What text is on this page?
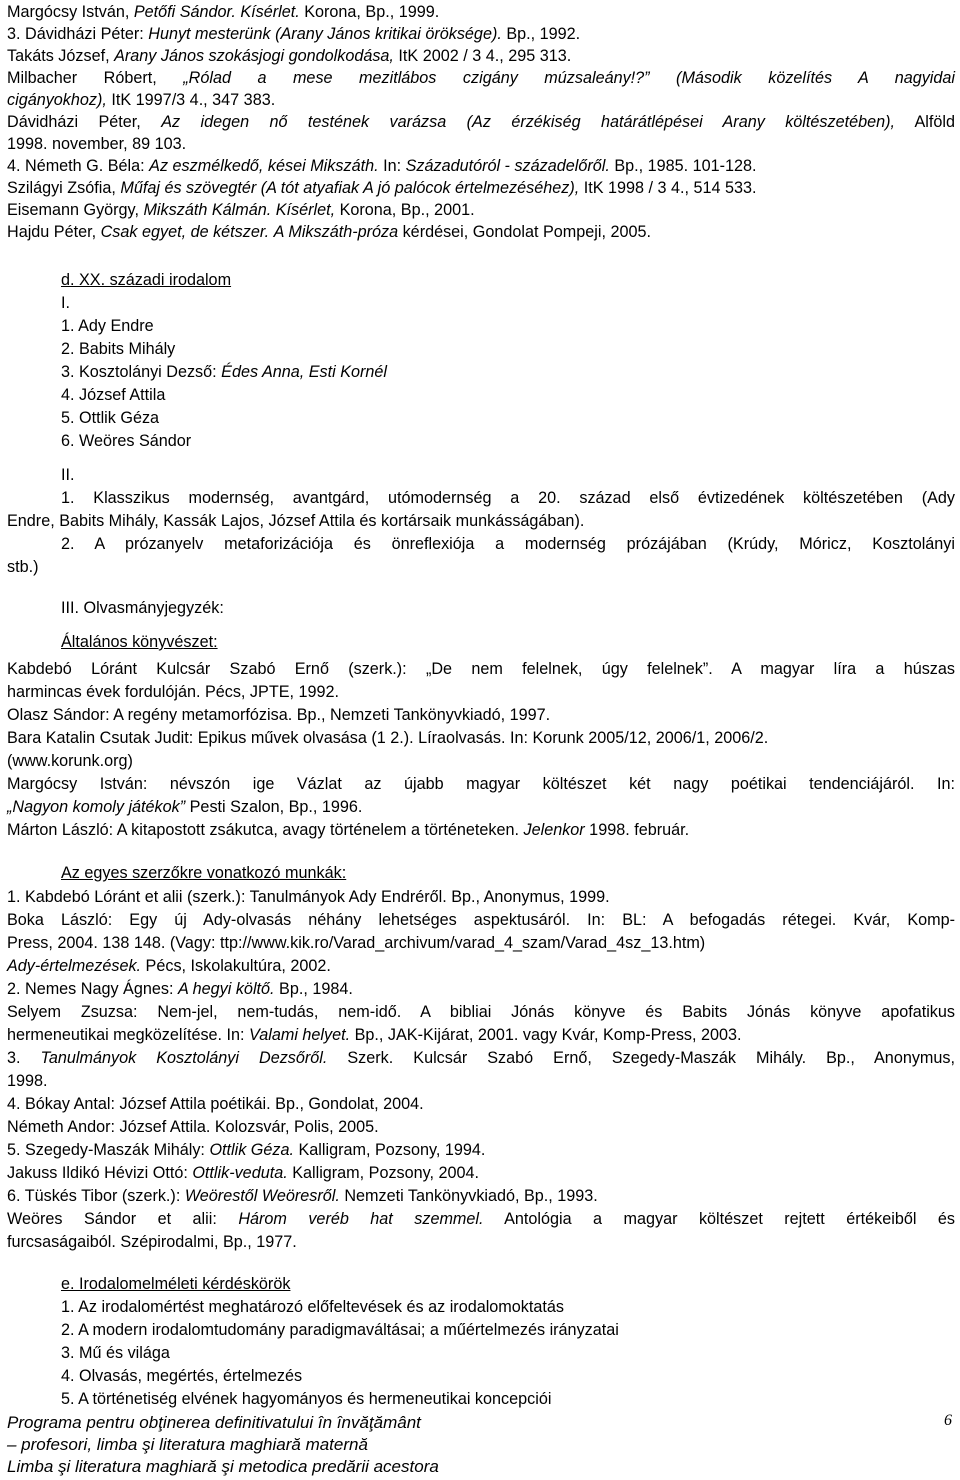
Margócsy István, Petőfi Sándor. Kísérlet. Korona, Bp., 1999.
3. Dávidházi Péter: Hunyt mesterünk (Arany János kritikai öröksége). Bp., 1992.
Takáts József, Arany János szokásjogi gondolkodása, ItK 2002 / 3 4., 295 313.
Milbacher Róbert, „Rólad a mese mezitlábos czigány múzsaleány!?” (Második közelítés A nagyidai
cigányokhoz), ItK 1997/3 4., 347 383.
Dávidházi Péter, Az idegen nő testének varázsa (Az érzékiség határátlépései Arany költészetében), Alföld
1998. november, 89 103.
4. Németh G. Béla: Az eszmélkedő, kései Mikszáth. In: Századutóról - századelőről. Bp., 1985. 101-128.
Szilágyi Zsófia, Műfaj és szövegtér (A tót atyafiak A jó palócok értelmezéséhez), ItK 1998 / 3 4., 514 533.
Eisemann György, Mikszáth Kálmán. Kísérlet, Korona, Bp., 2001.
Hajdu Péter, Csak egyet, de kétszer. A Mikszáth-próza kérdései, Gondolat Pompeji, 2005.
d. XX. századi irodalom
I.
1. Ady Endre
2. Babits Mihály
3. Kosztolányi Dezső: Édes Anna, Esti Kornél
4. József Attila
5. Ottlik Géza
6. Weöres Sándor
II.
1. Klasszikus modernség, avantgárd, utómodernség a 20. század első évtizedének költészetében (Ady
Endre, Babits Mihály, Kassák Lajos, József Attila és kortársaik munkásságában).
2. A prózanyelv metaforizációja és önreflexiója a modernség prózájában (Krúdy, Móricz, Kosztolányi
stb.)
III. Olvasmányjegyzék:
Általános könyvészet:
Kabdebó Lóránt Kulcsár Szabó Ernő (szerk.): „De nem felelnek, úgy felelnek”. A magyar líra a húszas
harmincas évek fordulóján. Pécs, JPTE, 1992.
Olasz Sándor: A regény metamorfózisa. Bp., Nemzeti Tankönyvkiadó, 1997.
Bara Katalin Csutak Judit: Epikus művek olvasása (1 2.). Líraolvasás. In: Korunk 2005/12, 2006/1, 2006/2.
(www.korunk.org)
Margócsy István: névszón ige Vázlat az újabb magyar költészet két nagy poétikai tendenciájáról. In:
„Nagyon komoly játékok” Pesti Szalon, Bp., 1996.
Márton László: A kitapostott zsákutca, avagy történelem a történeteken. Jelenkor 1998. február.
Az egyes szerzőkre vonatkozó munkák:
1. Kabdebó Lóránt et alii (szerk.): Tanulmányok Ady Endréről. Bp., Anonymus, 1999.
Boka László: Egy új Ady-olvasás néhány lehetséges aspektusáról. In: BL: A befogadás rétegei. Kvár, Komp-
Press, 2004. 138 148. (Vagy: ttp://www.kik.ro/Varad_archivum/varad_4_szam/Varad_4sz_13.htm)
Ady-értelmezések. Pécs, Iskolakultúra, 2002.
2. Nemes Nagy Ágnes: A hegyi költő. Bp., 1984.
Selyem Zsuzsa: Nem-jel, nem-tudás, nem-idő. A bibliai Jónás könyve és Babits Jónás könyve apofatikus
hermeneutikai megközelítése. In: Valami helyet. Bp., JAK-Kijárat, 2001. vagy Kvár, Komp-Press, 2003.
3. Tanulmányok Kosztolányi Dezsőről. Szerk. Kulcsár Szabó Ernő, Szegedy-Maszák Mihály. Bp., Anonymus,
1998.
4. Bókay Antal: József Attila poétikái. Bp., Gondolat, 2004.
Németh Andor: József Attila. Kolozsvár, Polis, 2005.
5. Szegedy-Maszák Mihály: Ottlik Géza. Kalligram, Pozsony, 1994.
Jakuss Ildikó Hévizi Ottó: Ottlik-veduta. Kalligram, Pozsony, 2004.
6. Tüskés Tibor (szerk.): Weörestől Weöresről. Nemzeti Tankönyvkiadó, Bp., 1993.
Weöres Sándor et alii: Három veréb hat szemmel. Antológia a magyar költészet rejtett értékeiből és
furcsaságaiból. Szépirodalmi, Bp., 1977.
e. Irodalomelméleti kérdéskörök
1. Az irodalomértést meghatározó előfeltevések és az irodalomoktatás
2. A modern irodalomtudomány paradigmaváltásai; a műértelmezés irányzatai
3. Mű és világa
4. Olvasás, megértés, értelmezés
5. A történetiség elvének hagyományos és hermeneutikai koncepciói
Programa pentru obţinerea definitivatului în învăţământ
– profesori, limba şi literatura maghiară maternă
Limba şi literatura maghiară şi metodica predării acestora
6
